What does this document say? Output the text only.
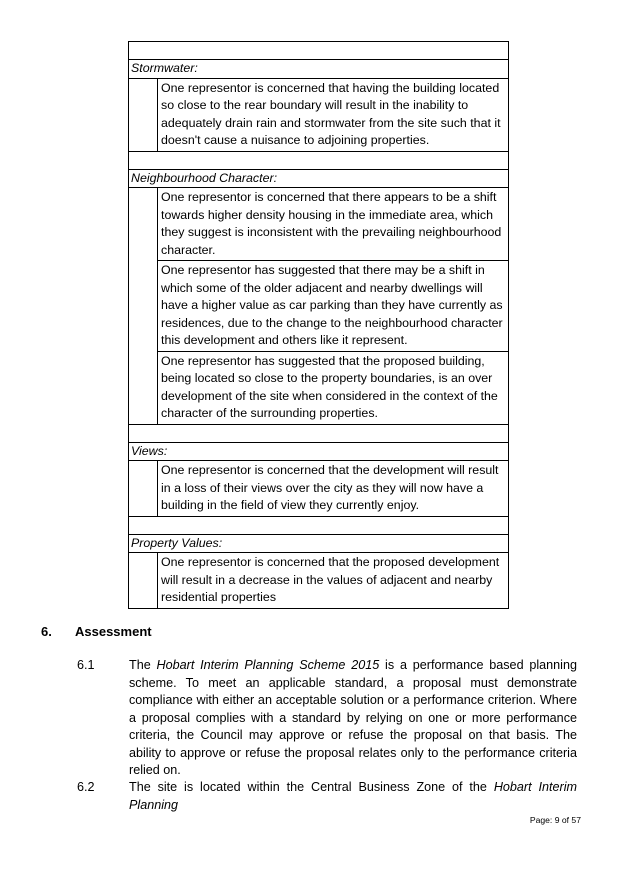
Stormwater:	
	One representor is concerned that having the building located so close to the rear boundary will result in the inability to adequately drain rain and stormwater from the site such that it doesn't cause a nuisance to adjoining properties.

Neighbourhood Character:	
	One representor is concerned that there appears to be a shift towards higher density housing in the immediate area, which they suggest is inconsistent with the prevailing neighbourhood character.
	One representor has suggested that there may be a shift in which some of the older adjacent and nearby dwellings will have a higher value as car parking than they have currently as residences, due to the change to the neighbourhood character this development and others like it represent.
	One representor has suggested that the proposed building, being located so close to the property boundaries, is an over development of the site when considered in the context of the character of the surrounding properties.

Views:	
	One representor is concerned that the development will result in a loss of their views over the city as they will now have a building in the field of view they currently enjoy.

Property Values:	
	One representor is concerned that the proposed development will result in a decrease in the values of adjacent and nearby residential properties
6. Assessment
6.1	The Hobart Interim Planning Scheme 2015 is a performance based planning scheme. To meet an applicable standard, a proposal must demonstrate compliance with either an acceptable solution or a performance criterion. Where a proposal complies with a standard by relying on one or more performance criteria, the Council may approve or refuse the proposal on that basis. The ability to approve or refuse the proposal relates only to the performance criteria relied on.
6.2	The site is located within the Central Business Zone of the Hobart Interim Planning
Page: 9 of 57
